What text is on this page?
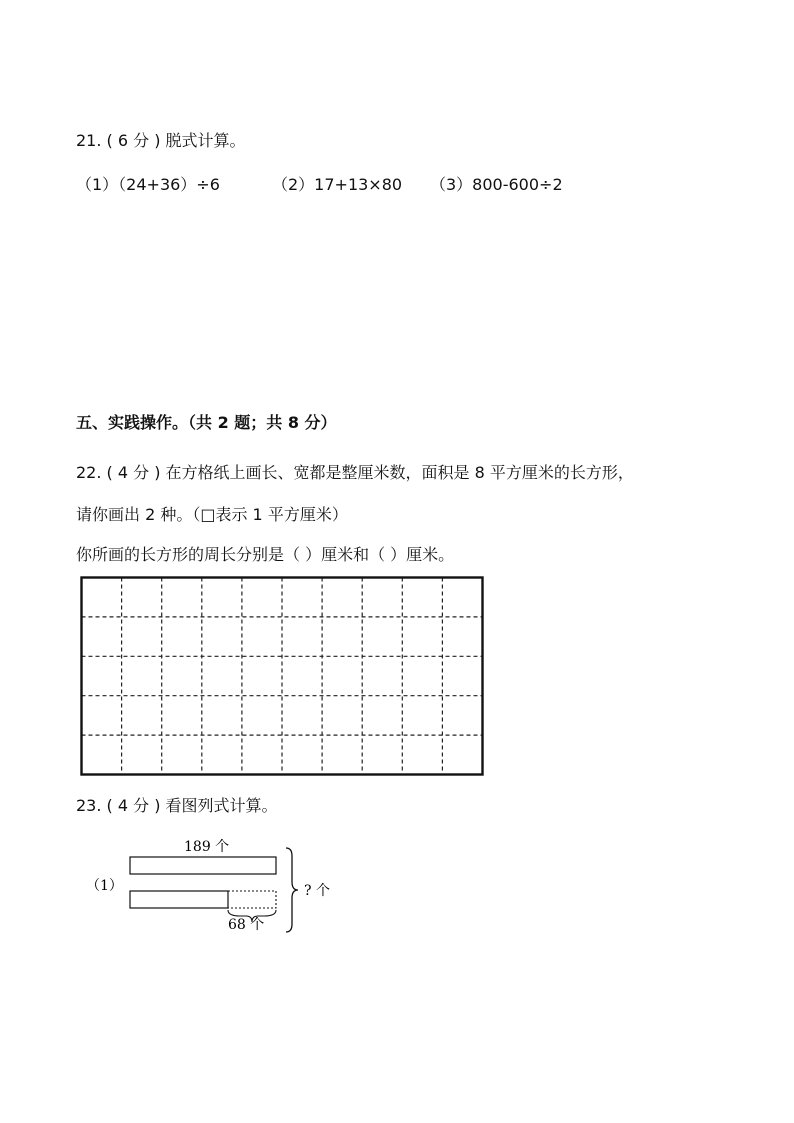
21. ( 6 分 ) 脱式计算。
（1）（24+36）÷6	（2）17+13×80 （3）800-600÷2
五、实践操作。（共 2 题；共 8 分）
22. ( 4 分 ) 在方格纸上画长、宽都是整厘米数，面积是 8 平方厘米的长方形，
请你画出 2 种。（□表示 1 平方厘米）
你所画的长方形的周长分别是（ ）厘米和（ ）厘米。
23. ( 4 分 ) 看图列式计算。
189 个
68 个
? 个
（1）
